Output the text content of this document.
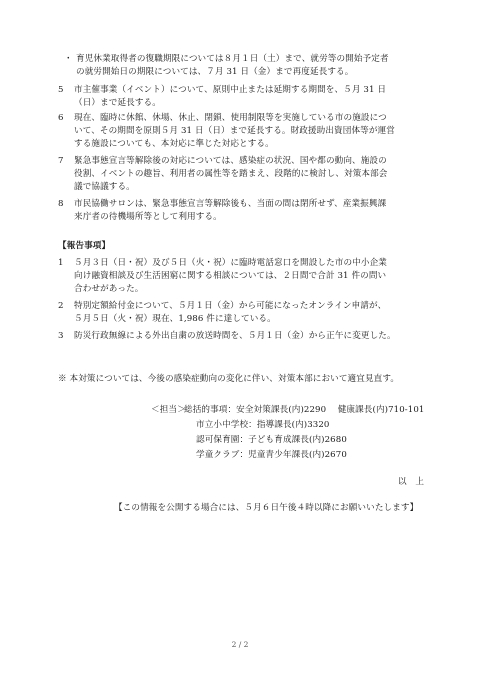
・ 育児休業取得者の復職期限については８月１日（土）まで、就労等の開始予定者
の就労開始日の期限については、７月 31 日（金）まで再度延長する。
5 市主催事業（イベント）について、原則中止または延期する期間を、５月 31 日
（日）まで延長する。
6 現在、臨時に休館、休場、休止、閉鎖、使用制限等を実施している市の施設につ
いて、その期間を原則５月 31 日（日）まで延長する。財政援助出資団体等が運営
する施設についても、本対応に準じた対応とする。
7 緊急事態宣言等解除後の対応については、感染症の状況、国や都の動向、施設の
役割、イベントの趣旨、利用者の属性等を踏まえ、段階的に検討し、対策本部会
議で協議する。
8 市民協働サロンは、緊急事態宣言等解除後も、当面の間は閉所せず、産業振興課
来庁者の待機場所等として利用する。
【報告事項】
1 ５月３日（日・祝）及び５日（火・祝）に臨時電話窓口を開設した市の中小企業
向け融資相談及び生活困窮に関する相談については、２日間で合計 31 件の問い
合わせがあった。
2 特別定額給付金について、５月１日（金）から可能になったオンライン申請が、
５月５日（火・祝）現在、1,986 件に達している。
3 防災行政無線による外出自粛の放送時間を、５月１日（金）から正午に変更した。
※ 本対策については、今後の感染症動向の変化に伴い、対策本部において適宜見直す。
＜担当＞
総括的事項：安全対策課長(内)2290　 健康課長(内)710-101
市立小中学校：指導課長(内)3320
認可保育園：子ども育成課長(内)2680
学童クラブ：児童青少年課長(内)2670
以　上
【この情報を公開する場合には、５月６日午後４時以降にお願いいたします】
2 / 2
